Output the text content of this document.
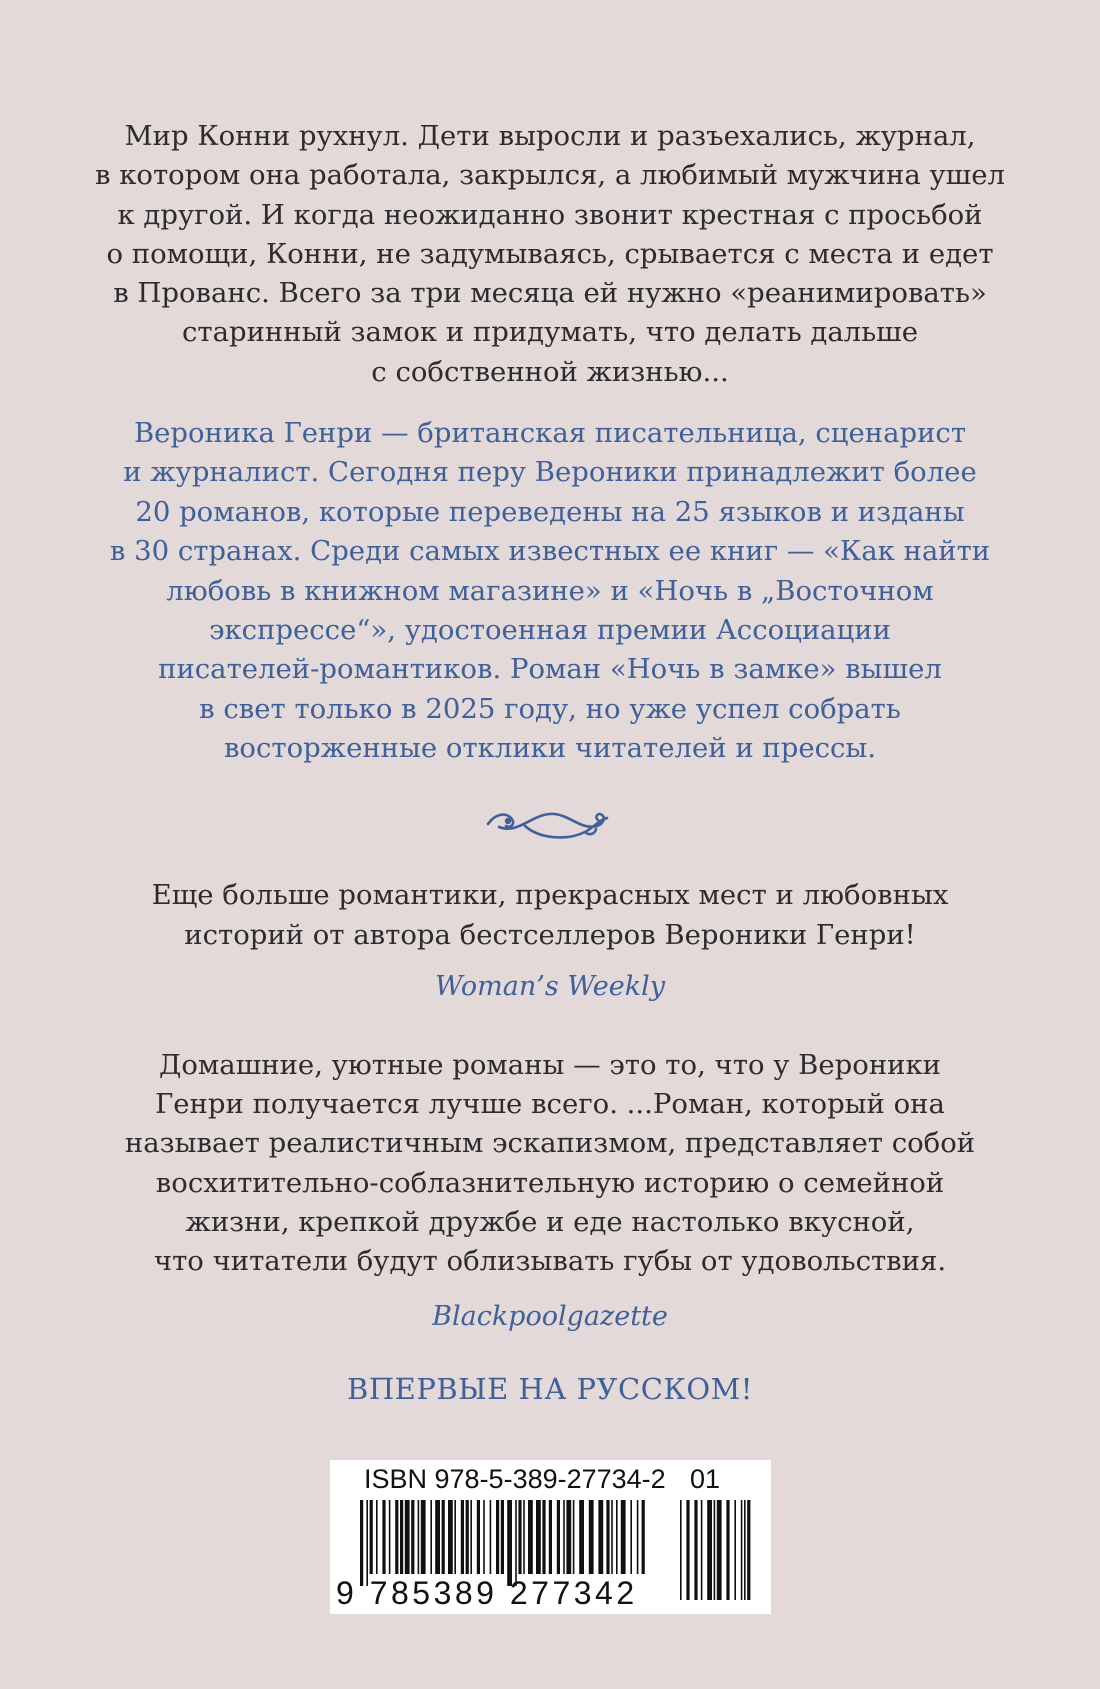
Мир Конни рухнул. Дети выросли и разъехались, журнал,
в котором она работала, закрылся, а любимый мужчина ушел
к другой. И когда неожиданно звонит крестная с просьбой
о помощи, Конни, не задумываясь, срывается с места и едет
в Прованс. Всего за три месяца ей нужно «реанимировать»
старинный замок и придумать, что делать дальше
с собственной жизнью...
Вероника Генри — британская писательница, сценарист
и журналист. Сегодня перу Вероники принадлежит более
20 романов, которые переведены на 25 языков и изданы
в 30 странах. Среди самых известных ее книг — «Как найти
любовь в книжном магазине» и «Ночь в „Восточном
экспрессе“», удостоенная премии Ассоциации
писателей-романтиков. Роман «Ночь в замке» вышел
в свет только в 2025 году, но уже успел собрать
восторженные отклики читателей и прессы.
Еще больше романтики, прекрасных мест и любовных
историй от автора бестселлеров Вероники Генри!
Woman’s Weekly
Домашние, уютные романы — это то, что у Вероники
Генри получается лучше всего. ...Роман, который она
называет реалистичным эскапизмом, представляет собой
восхитительно-соблазнительную историю о семейной
жизни, крепкой дружбе и еде настолько вкусной,
что читатели будут облизывать губы от удовольствия.
Blackpoolgazette
ВПЕРВЫЕ НА РУССКОМ!
ISBN 978-5-389-27734-2 01
9 785389 277342
